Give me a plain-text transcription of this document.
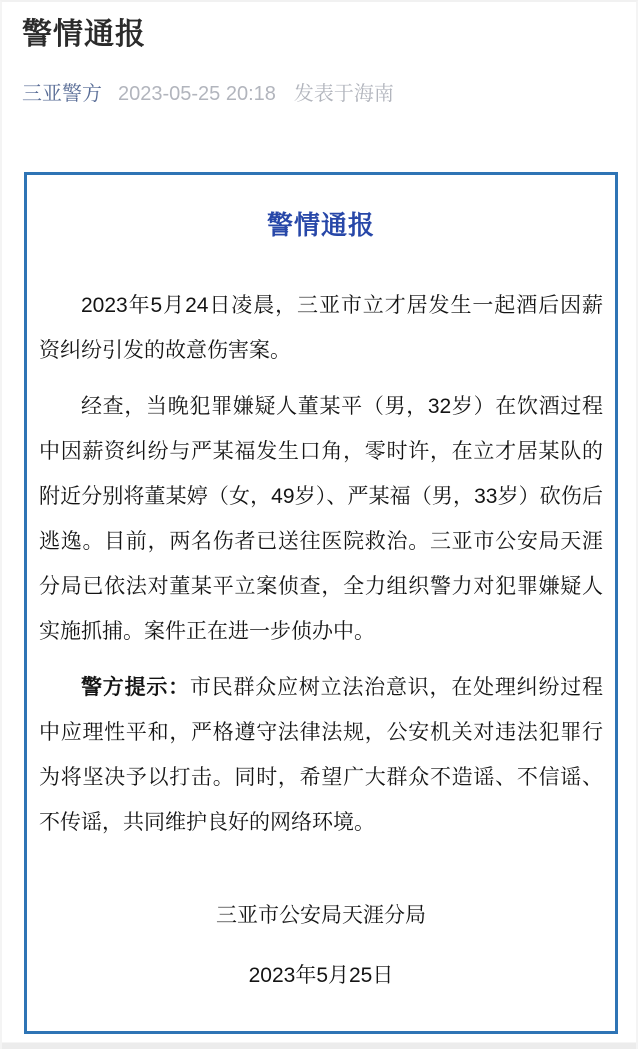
警情通报
三亚警方 2023-05-25 20:18 发表于海南
警情通报

2023年5月24日凌晨，三亚市立才居发生一起酒后因薪资纠纷引发的故意伤害案。

经查，当晚犯罪嫌疑人董某平（男，32岁）在饮酒过程中因薪资纠纷与严某福发生口角，零时许，在立才居某队的附近分别将董某婷（女，49岁）、严某福（男，33岁）砍伤后逃逸。目前，两名伤者已送往医院救治。三亚市公安局天涯分局已依法对董某平立案侦查，全力组织警力对犯罪嫌疑人实施抓捕。案件正在进一步侦办中。

警方提示：市民群众应树立法治意识，在处理纠纷过程中应理性平和，严格遵守法律法规，公安机关对违法犯罪行为将坚决予以打击。同时，希望广大群众不造谣、不信谣、不传谣，共同维护良好的网络环境。

三亚市公安局天涯分局

2023年5月25日
